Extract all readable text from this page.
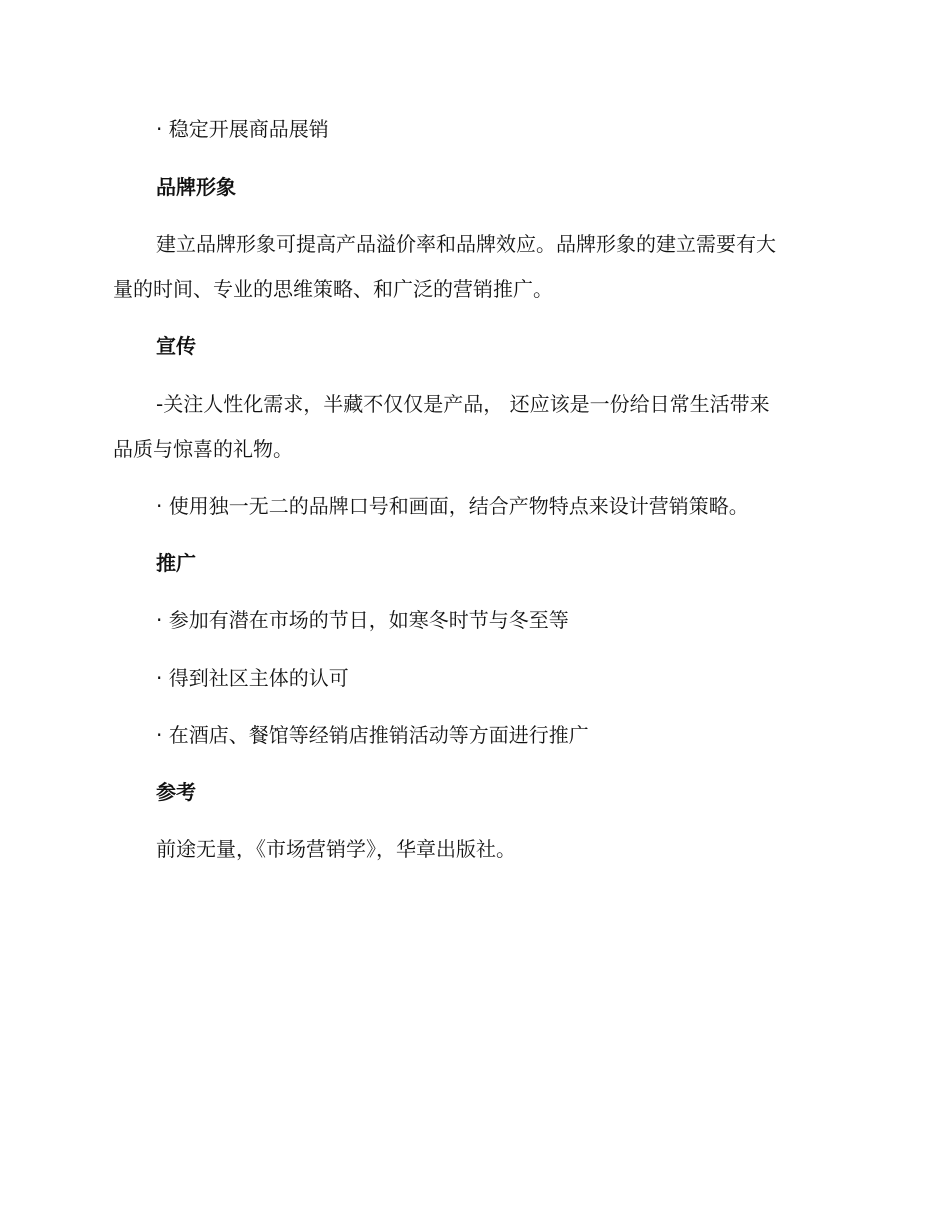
· 稳定开展商品展销
品牌形象
建立品牌形象可提高产品溢价率和品牌效应。品牌形象的建立需要有大
量的时间、专业的思维策略、和广泛的营销推广。
宣传
-关注人性化需求，半藏不仅仅是产品， 还应该是一份给日常生活带来
品质与惊喜的礼物。
· 使用独一无二的品牌口号和画面，结合产物特点来设计营销策略。
推广
· 参加有潜在市场的节日，如寒冬时节与冬至等
· 得到社区主体的认可
· 在酒店、餐馆等经销店推销活动等方面进行推广
参考
前途无量，《市场营销学》，华章出版社。
